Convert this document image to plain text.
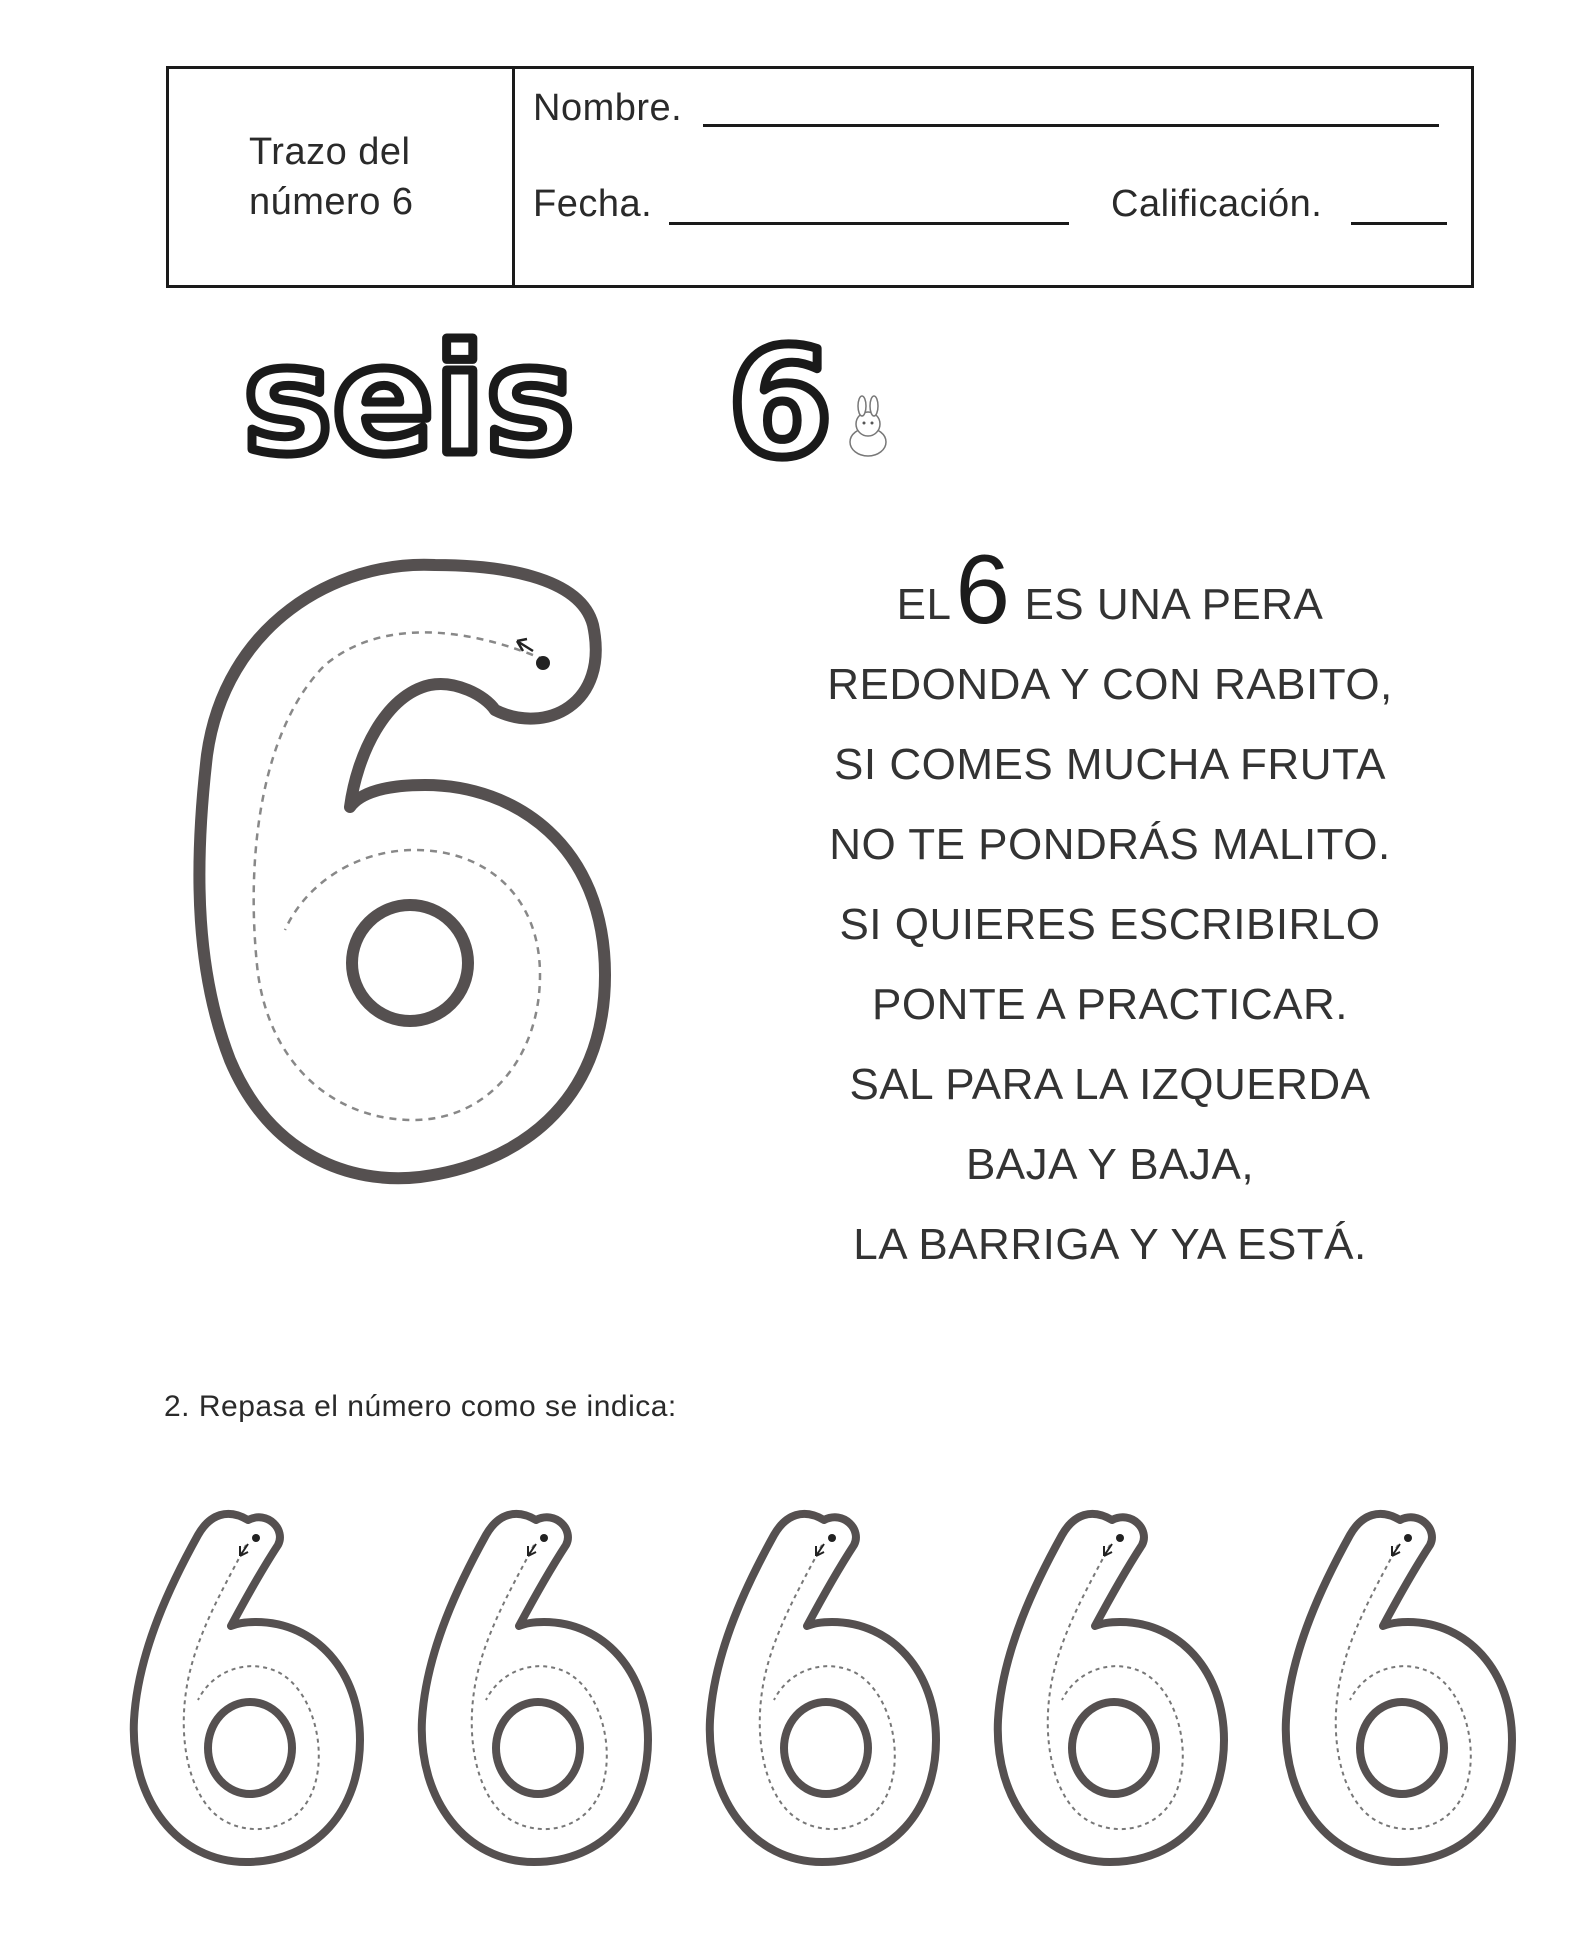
Trazo del
número 6
Nombre.
Fecha.	Calificación.
seis 6
EL6 ES UNA PERA
REDONDA Y CON RABITO,
SI COMES MUCHA FRUTA
NO TE PONDRÁS MALITO.
SI QUIERES ESCRIBIRLO
PONTE A PRACTICAR.
SAL PARA LA IZQUERDA
BAJA Y BAJA,
LA BARRIGA Y YA ESTÁ.
2. Repasa el número como se indica:
